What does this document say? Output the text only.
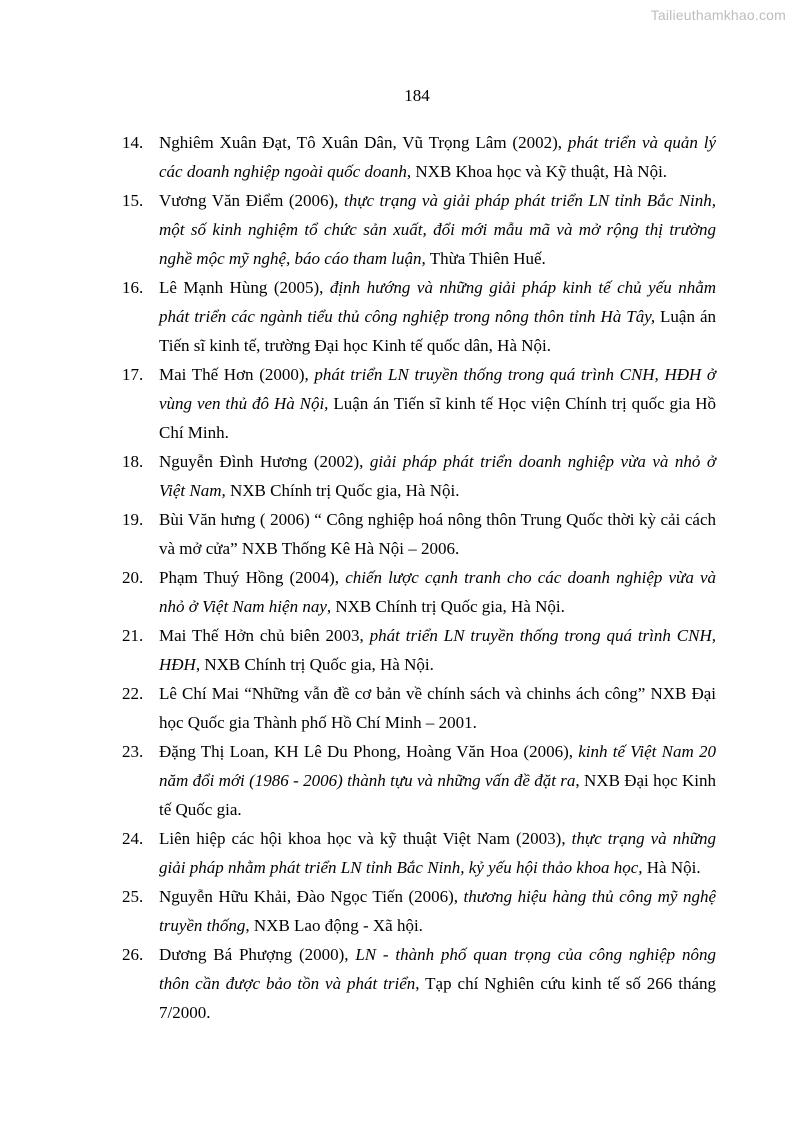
Tailieuthamkhao.com
184
14. Nghiêm Xuân Đạt, Tô Xuân Dân, Vũ Trọng Lâm (2002), phát triển và quản lý các doanh nghiệp ngoài quốc doanh, NXB Khoa học và Kỹ thuật, Hà Nội.
15. Vương Văn Điểm (2006), thực trạng và giải pháp phát triển LN tỉnh Bắc Ninh, một số kinh nghiệm tổ chức sản xuất, đổi mới mẫu mã và mở rộng thị trường nghề mộc mỹ nghệ, báo cáo tham luận, Thừa Thiên Huế.
16. Lê Mạnh Hùng (2005), định hướng và những giải pháp kinh tế chủ yếu nhằm phát triển các ngành tiểu thủ công nghiệp trong nông thôn tỉnh Hà Tây, Luận án Tiến sĩ kinh tế, trường Đại học Kinh tế quốc dân, Hà Nội.
17. Mai Thế Hơn (2000), phát triển LN truyền thống trong quá trình CNH, HĐH ở vùng ven thủ đô Hà Nội, Luận án Tiến sĩ kinh tế Học viện Chính trị quốc gia Hồ Chí Minh.
18. Nguyễn Đình Hương (2002), giải pháp phát triển doanh nghiệp vừa và nhỏ ở Việt Nam, NXB Chính trị Quốc gia, Hà Nội.
19. Bùi Văn hưng ( 2006) “ Công nghiệp hoá nông thôn Trung Quốc thời kỳ cải cách và mở cửa” NXB Thống Kê Hà Nội – 2006.
20. Phạm Thuý Hồng (2004), chiến lược cạnh tranh cho các doanh nghiệp vừa và nhỏ ở Việt Nam hiện nay, NXB Chính trị Quốc gia, Hà Nội.
21. Mai Thế Hởn chủ biên 2003, phát triển LN truyền thống trong quá trình CNH, HĐH, NXB Chính trị Quốc gia, Hà Nội.
22. Lê Chí Mai “Những vẫn đề cơ bản về chính sách và chinhs ách công” NXB Đại học Quốc gia Thành phố Hồ Chí Minh – 2001.
23. Đặng Thị Loan, KH Lê Du Phong, Hoàng Văn Hoa (2006), kinh tế Việt Nam 20 năm đổi mới (1986 - 2006) thành tựu và những vấn đề đặt ra, NXB Đại học Kinh tế Quốc gia.
24. Liên hiệp các hội khoa học và kỹ thuật Việt Nam (2003), thực trạng và những giải pháp nhằm phát triển LN tỉnh Bắc Ninh, kỷ yếu hội thảo khoa học, Hà Nội.
25. Nguyễn Hữu Khải, Đào Ngọc Tiến (2006), thương hiệu hàng thủ công mỹ nghệ truyền thống, NXB Lao động - Xã hội.
26. Dương Bá Phượng (2000), LN - thành phố quan trọng của công nghiệp nông thôn cần được bảo tồn và phát triển, Tạp chí Nghiên cứu kinh tế số 266 tháng 7/2000.
